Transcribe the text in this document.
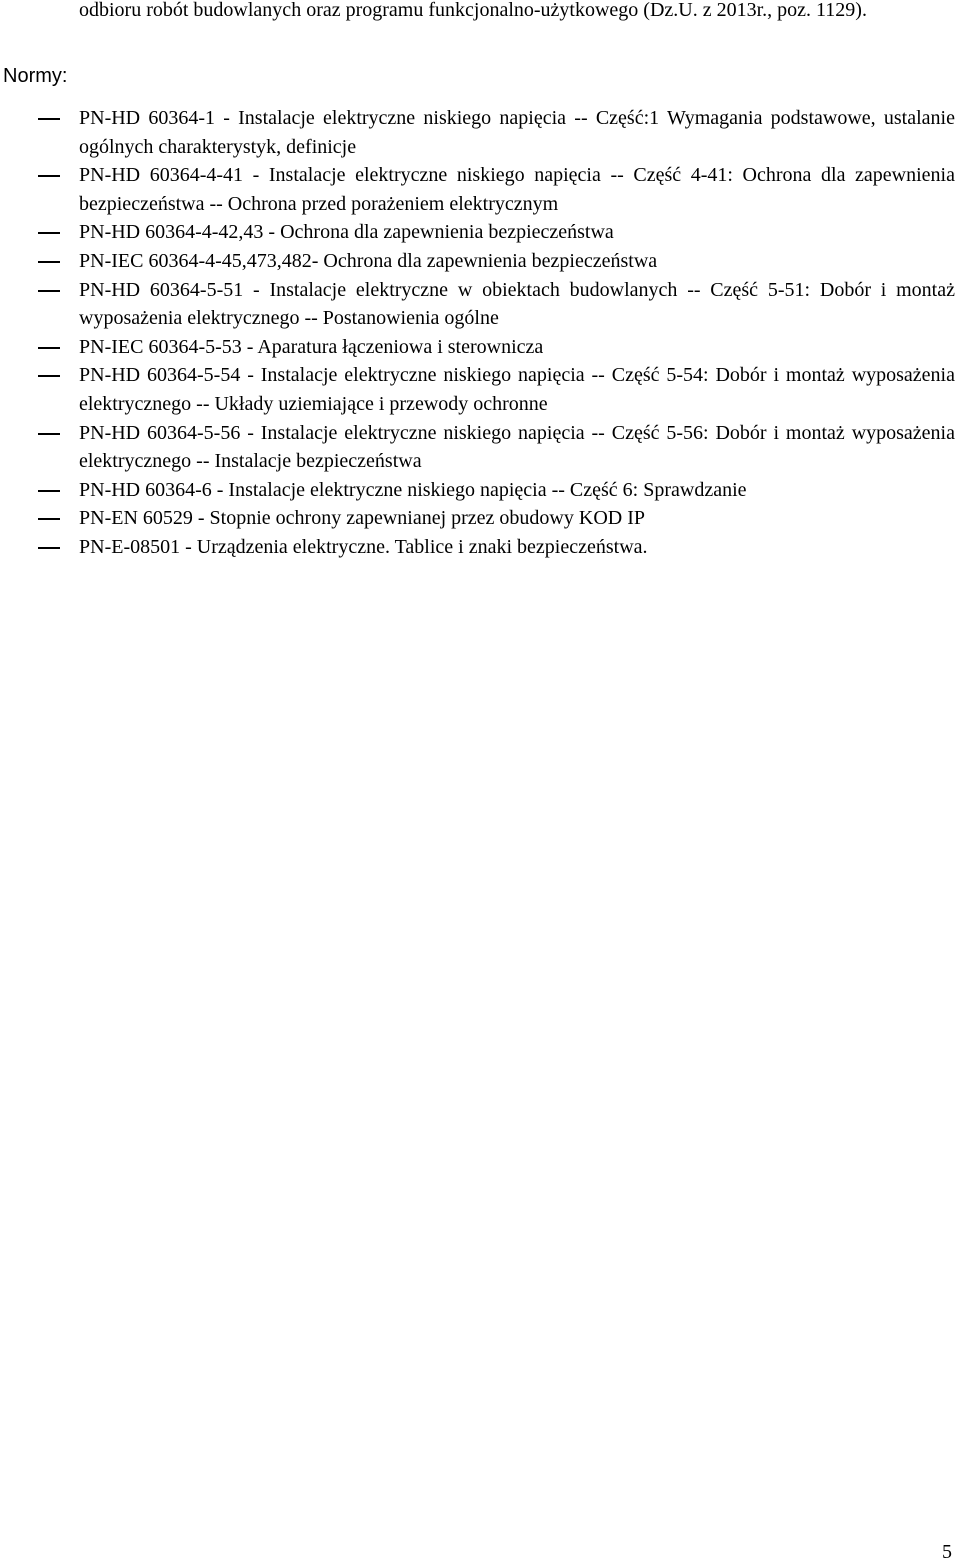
odbioru robót budowlanych oraz programu funkcjonalno-użytkowego (Dz.U. z 2013r., poz. 1129).

Normy:
PN-HD 60364-1 - Instalacje elektryczne niskiego napięcia -- Część:1 Wymagania podstawowe, ustalanie ogólnych charakterystyk, definicje
PN-HD 60364-4-41 - Instalacje elektryczne niskiego napięcia -- Część 4-41: Ochrona dla zapewnienia bezpieczeństwa -- Ochrona przed porażeniem elektrycznym
PN-HD 60364-4-42,43 - Ochrona dla zapewnienia bezpieczeństwa
PN-IEC 60364-4-45,473,482- Ochrona dla zapewnienia bezpieczeństwa
PN-HD 60364-5-51 - Instalacje elektryczne w obiektach budowlanych -- Część 5-51: Dobór i montaż wyposażenia elektrycznego -- Postanowienia ogólne
PN-IEC 60364-5-53 - Aparatura łączeniowa i sterownicza
PN-HD 60364-5-54 - Instalacje elektryczne niskiego napięcia -- Część 5-54: Dobór i montaż wyposażenia elektrycznego -- Układy uziemiające i przewody ochronne
PN-HD 60364-5-56 - Instalacje elektryczne niskiego napięcia -- Część 5-56: Dobór i montaż wyposażenia elektrycznego -- Instalacje bezpieczeństwa
PN-HD 60364-6 - Instalacje elektryczne niskiego napięcia -- Część 6: Sprawdzanie
PN-EN 60529 - Stopnie ochrony zapewnianej przez obudowy KOD IP
PN-E-08501 - Urządzenia elektryczne. Tablice i znaki bezpieczeństwa.
5
